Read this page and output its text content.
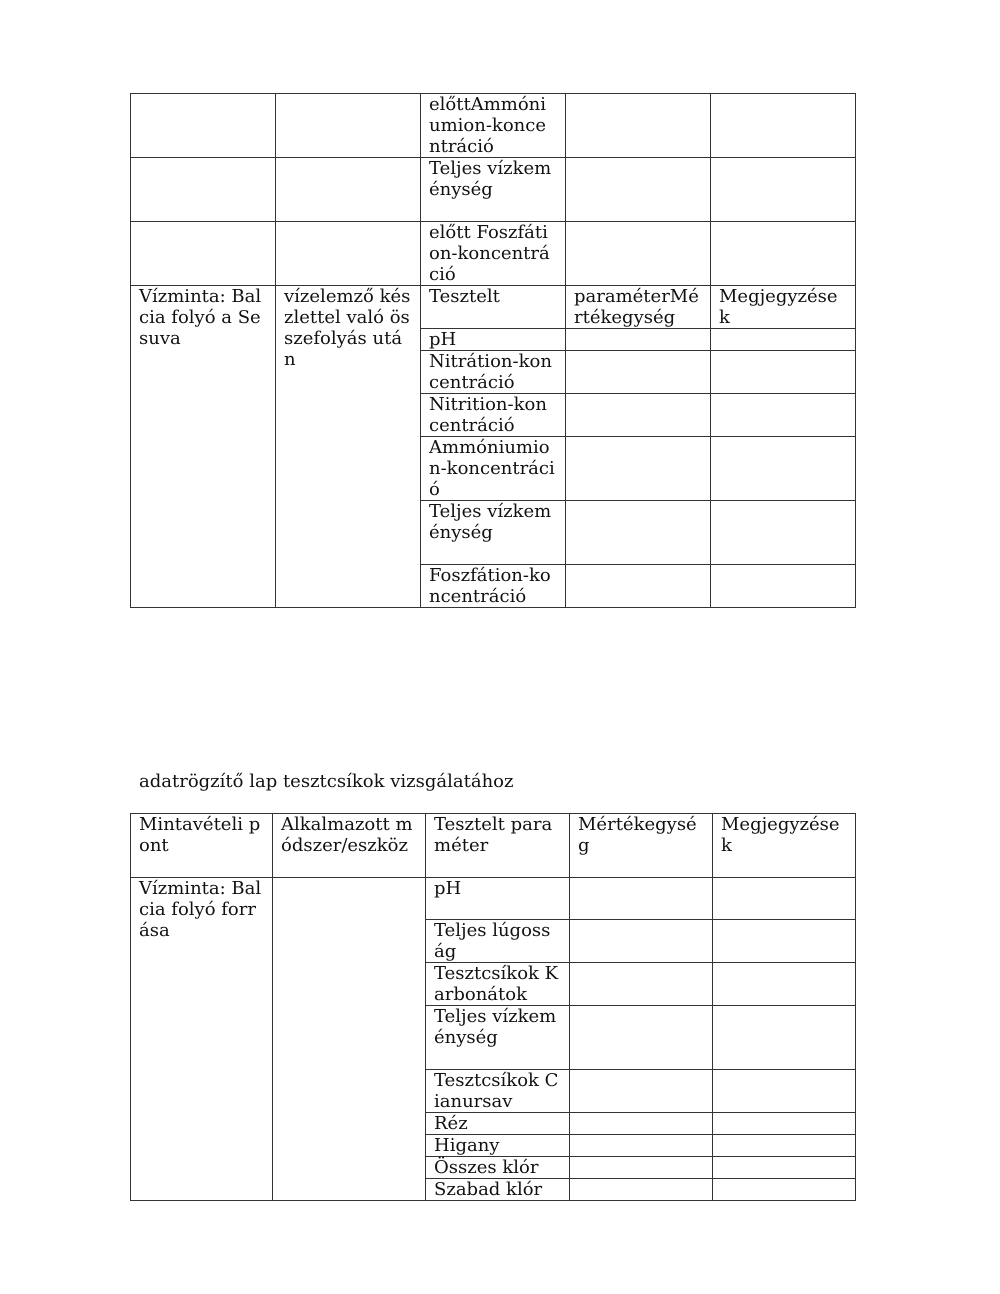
		előttAmmóniumion-koncentráció		
		Teljes vízkeménység		
		előtt Foszfátion-koncentráció		
Vízminta: Balcia folyó a Sesuva	vízelemző készlettel való összefolyás után	Tesztelt	paraméterMértékegység	Megjegyzések
		pH		
		Nitrátion-koncentráció		
		Nitrition-koncentráció		
		Ammóniumion-koncentráció		
		Teljes vízkeménység		
		Foszfátion-koncentráció		
adatrögzítő lap tesztcsíkok vizsgálatához
Mintavételi pont	Alkalmazott módszer/eszköz	Tesztelt paraméter	Mértékegység	Megjegyzések
Vízminta: Balcia folyó forrása		pH		
		Teljes lúgosság		
		Tesztcsíkok Karbonátok		
		Teljes vízkeménység		
		Tesztcsíkok Cianursav		
		Réz		
		Higany		
		Összes klór		
		Szabad klór		
